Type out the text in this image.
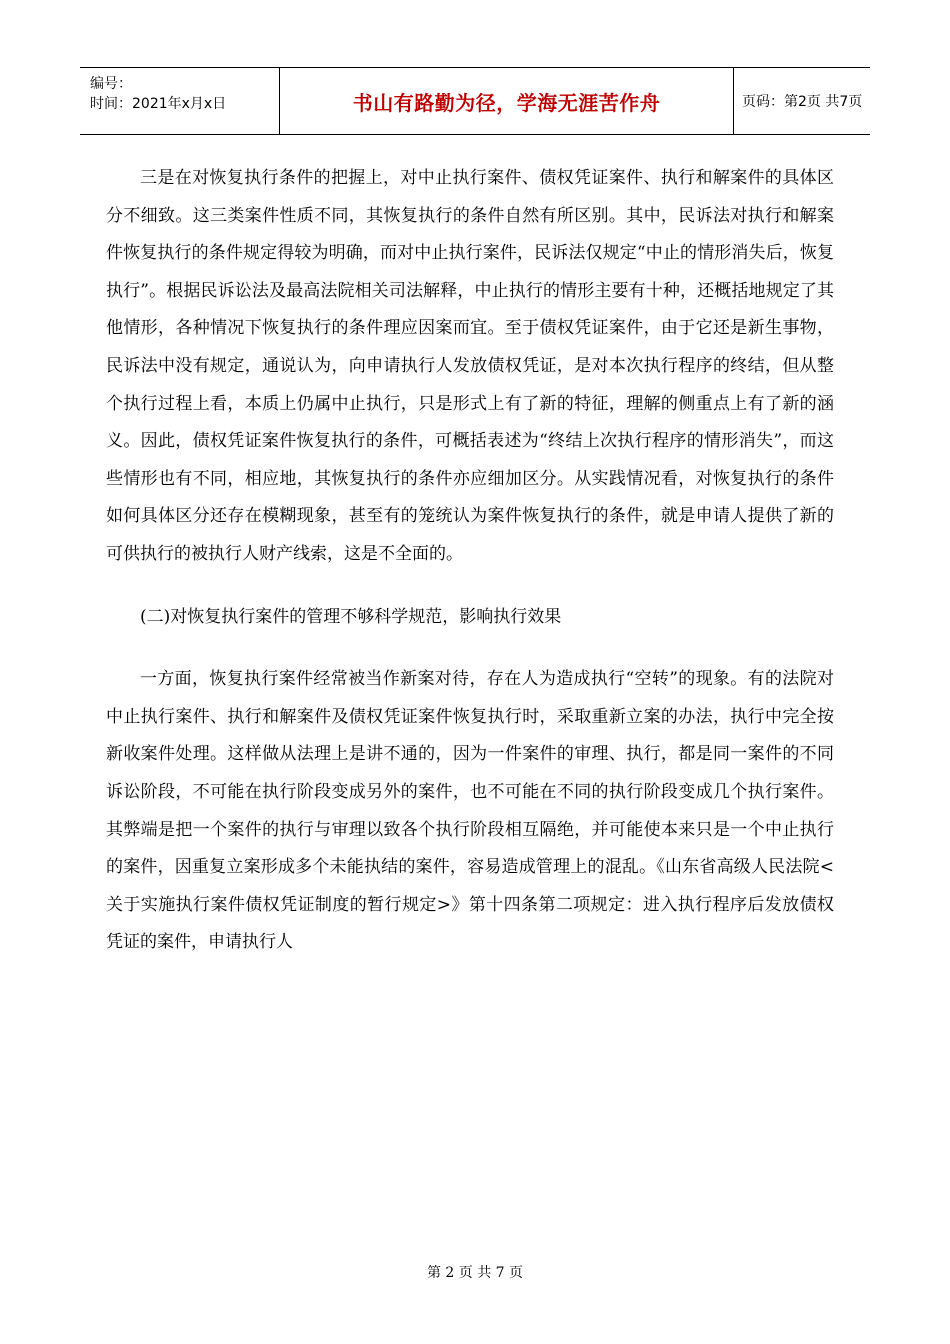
编号：
时间：2021年x月x日	书山有路勤为径，学海无涯苦作舟	页码：第2页 共7页

三是在对恢复执行条件的把握上，对中止执行案件、债权凭证案件、执行和解案件的具体区分不细致。这三类案件性质不同，其恢复执行的条件自然有所区别。其中，民诉法对执行和解案件恢复执行的条件规定得较为明确，而对中止执行案件，民诉法仅规定“中止的情形消失后，恢复执行”。根据民诉讼法及最高法院相关司法解释，中止执行的情形主要有十种，还概括地规定了其他情形，各种情况下恢复执行的条件理应因案而宜。至于债权凭证案件，由于它还是新生事物，民诉法中没有规定，通说认为，向申请执行人发放债权凭证，是对本次执行程序的终结，但从整个执行过程上看，本质上仍属中止执行，只是形式上有了新的特征，理解的侧重点上有了新的涵义。因此，债权凭证案件恢复执行的条件，可概括表述为“终结上次执行程序的情形消失”，而这些情形也有不同，相应地，其恢复执行的条件亦应细加区分。从实践情况看，对恢复执行的条件如何具体区分还存在模糊现象，甚至有的笼统认为案件恢复执行的条件，就是申请人提供了新的可供执行的被执行人财产线索，这是不全面的。

(二)对恢复执行案件的管理不够科学规范，影响执行效果

一方面，恢复执行案件经常被当作新案对待，存在人为造成执行“空转”的现象。有的法院对中止执行案件、执行和解案件及债权凭证案件恢复执行时，采取重新立案的办法，执行中完全按新收案件处理。这样做从法理上是讲不通的，因为一件案件的审理、执行，都是同一案件的不同诉讼阶段，不可能在执行阶段变成另外的案件，也不可能在不同的执行阶段变成几个执行案件。其弊端是把一个案件的执行与审理以致各个执行阶段相互隔绝，并可能使本来只是一个中止执行的案件，因重复立案形成多个未能执结的案件，容易造成管理上的混乱。《山东省高级人民法院<关于实施执行案件债权凭证制度的暂行规定>》第十四条第二项规定：进入执行程序后发放债权凭证的案件，申请执行人

第 2 页 共 7 页
